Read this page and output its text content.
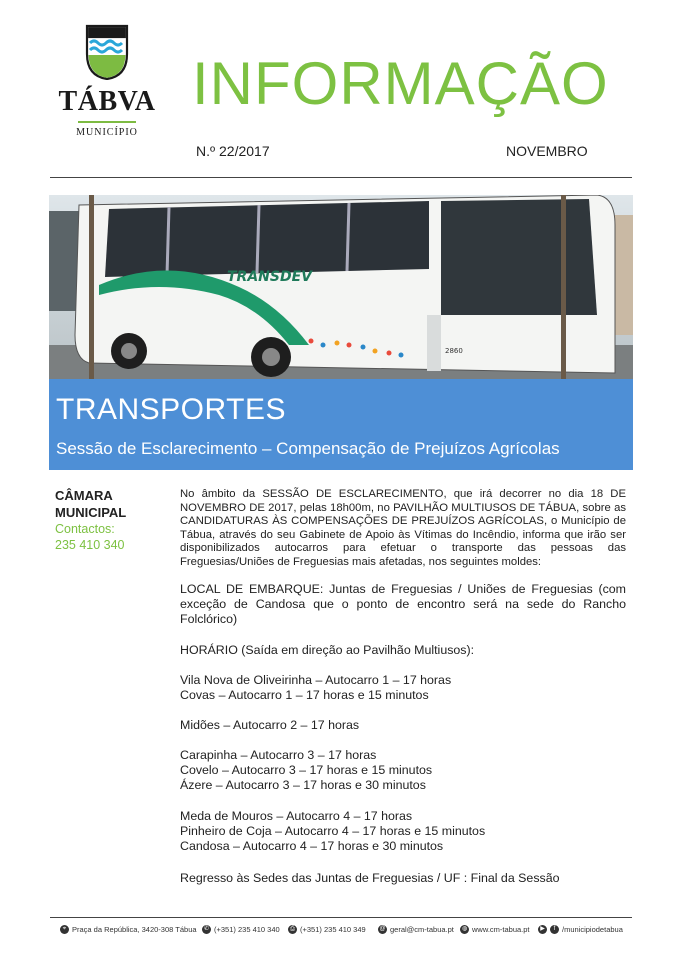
TÁBVA
MUNICÍPIO
INFORMAÇÃO
N.º 22/2017	NOVEMBRO
TRANSDEV
2860
TRANSPORTES
Sessão de Esclarecimento – Compensação de Prejuízos Agrícolas
CÂMARA
MUNICIPAL
Contactos:
235 410 340
No âmbito da SESSÃO DE ESCLARECIMENTO, que irá decorrer no dia 18 DE NOVEMBRO DE 2017, pelas 18h00m, no PAVILHÃO MULTIUSOS DE TÁBUA, sobre as CANDIDATURAS ÀS COMPENSAÇÕES DE PREJUÍZOS AGRÍCOLAS, o Município de Tábua, através do seu Gabinete de Apoio às Vítimas do Incêndio, informa que irão ser disponibilizados autocarros para efetuar o transporte das pessoas das Freguesias/Uniões de Freguesias mais afetadas, nos seguintes moldes:
LOCAL DE EMBARQUE: Juntas de Freguesias / Uniões de Freguesias (com exceção de Candosa que o ponto de encontro será na sede do Rancho Folclórico)
HORÁRIO (Saída em direção ao Pavilhão Multiusos):
Vila Nova de Oliveirinha – Autocarro 1 – 17 horas
Covas – Autocarro 1 – 17 horas e 15 minutos
Midões – Autocarro 2 – 17 horas
Carapinha – Autocarro 3 – 17 horas
Covelo – Autocarro 3 – 17 horas e 15 minutos
Ázere – Autocarro 3 – 17 horas e 30 minutos
Meda de Mouros – Autocarro 4 – 17 horas
Pinheiro de Coja – Autocarro 4 – 17 horas e 15 minutos
Candosa – Autocarro 4 – 17 horas e 30 minutos
Regresso às Sedes das Juntas de Freguesias / UF : Final da Sessão
⌖ Praça da República, 3420-308 Tábua	✆ (+351) 235 410 340	⎙ (+351) 235 410 349 @ geral@cm-tabua.pt	◍ www.cm-tabua.pt	▶	f /municipiodetabua
